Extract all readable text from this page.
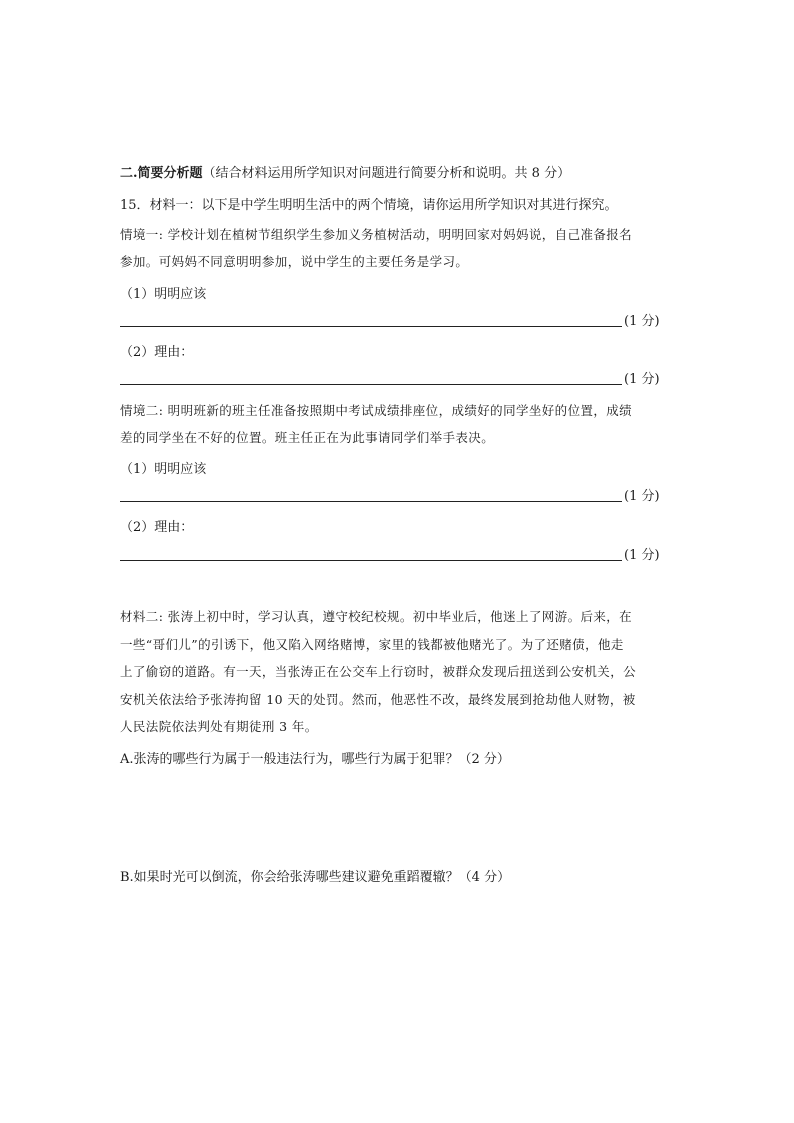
二.简要分析题（结合材料运用所学知识对问题进行简要分析和说明。共 8 分）
15．材料一：以下是中学生明明生活中的两个情境，请你运用所学知识对其进行探究。
情境一: 学校计划在植树节组织学生参加义务植树活动，明明回家对妈妈说，自己准备报名
参加。可妈妈不同意明明参加，说中学生的主要任务是学习。
（1）明明应该
(1 分)
（2）理由：
(1 分)
情境二: 明明班新的班主任准备按照期中考试成绩排座位，成绩好的同学坐好的位置，成绩
差的同学坐在不好的位置。班主任正在为此事请同学们举手表决。
（1）明明应该
(1 分)
（2）理由：
(1 分)
材料二: 张涛上初中时，学习认真，遵守校纪校规。初中毕业后，他迷上了网游。后来，在
一些“哥们儿”的引诱下，他又陷入网络赌博，家里的钱都被他赌光了。为了还赌债，他走
上了偷窃的道路。有一天，当张涛正在公交车上行窃时，被群众发现后扭送到公安机关，公
安机关依法给予张涛拘留 10 天的处罚。然而，他恶性不改，最终发展到抢劫他人财物，被
人民法院依法判处有期徒刑 3 年。
A.张涛的哪些行为属于一般违法行为，哪些行为属于犯罪？（2 分）
B.如果时光可以倒流，你会给张涛哪些建议避免重蹈覆辙？（4 分）
